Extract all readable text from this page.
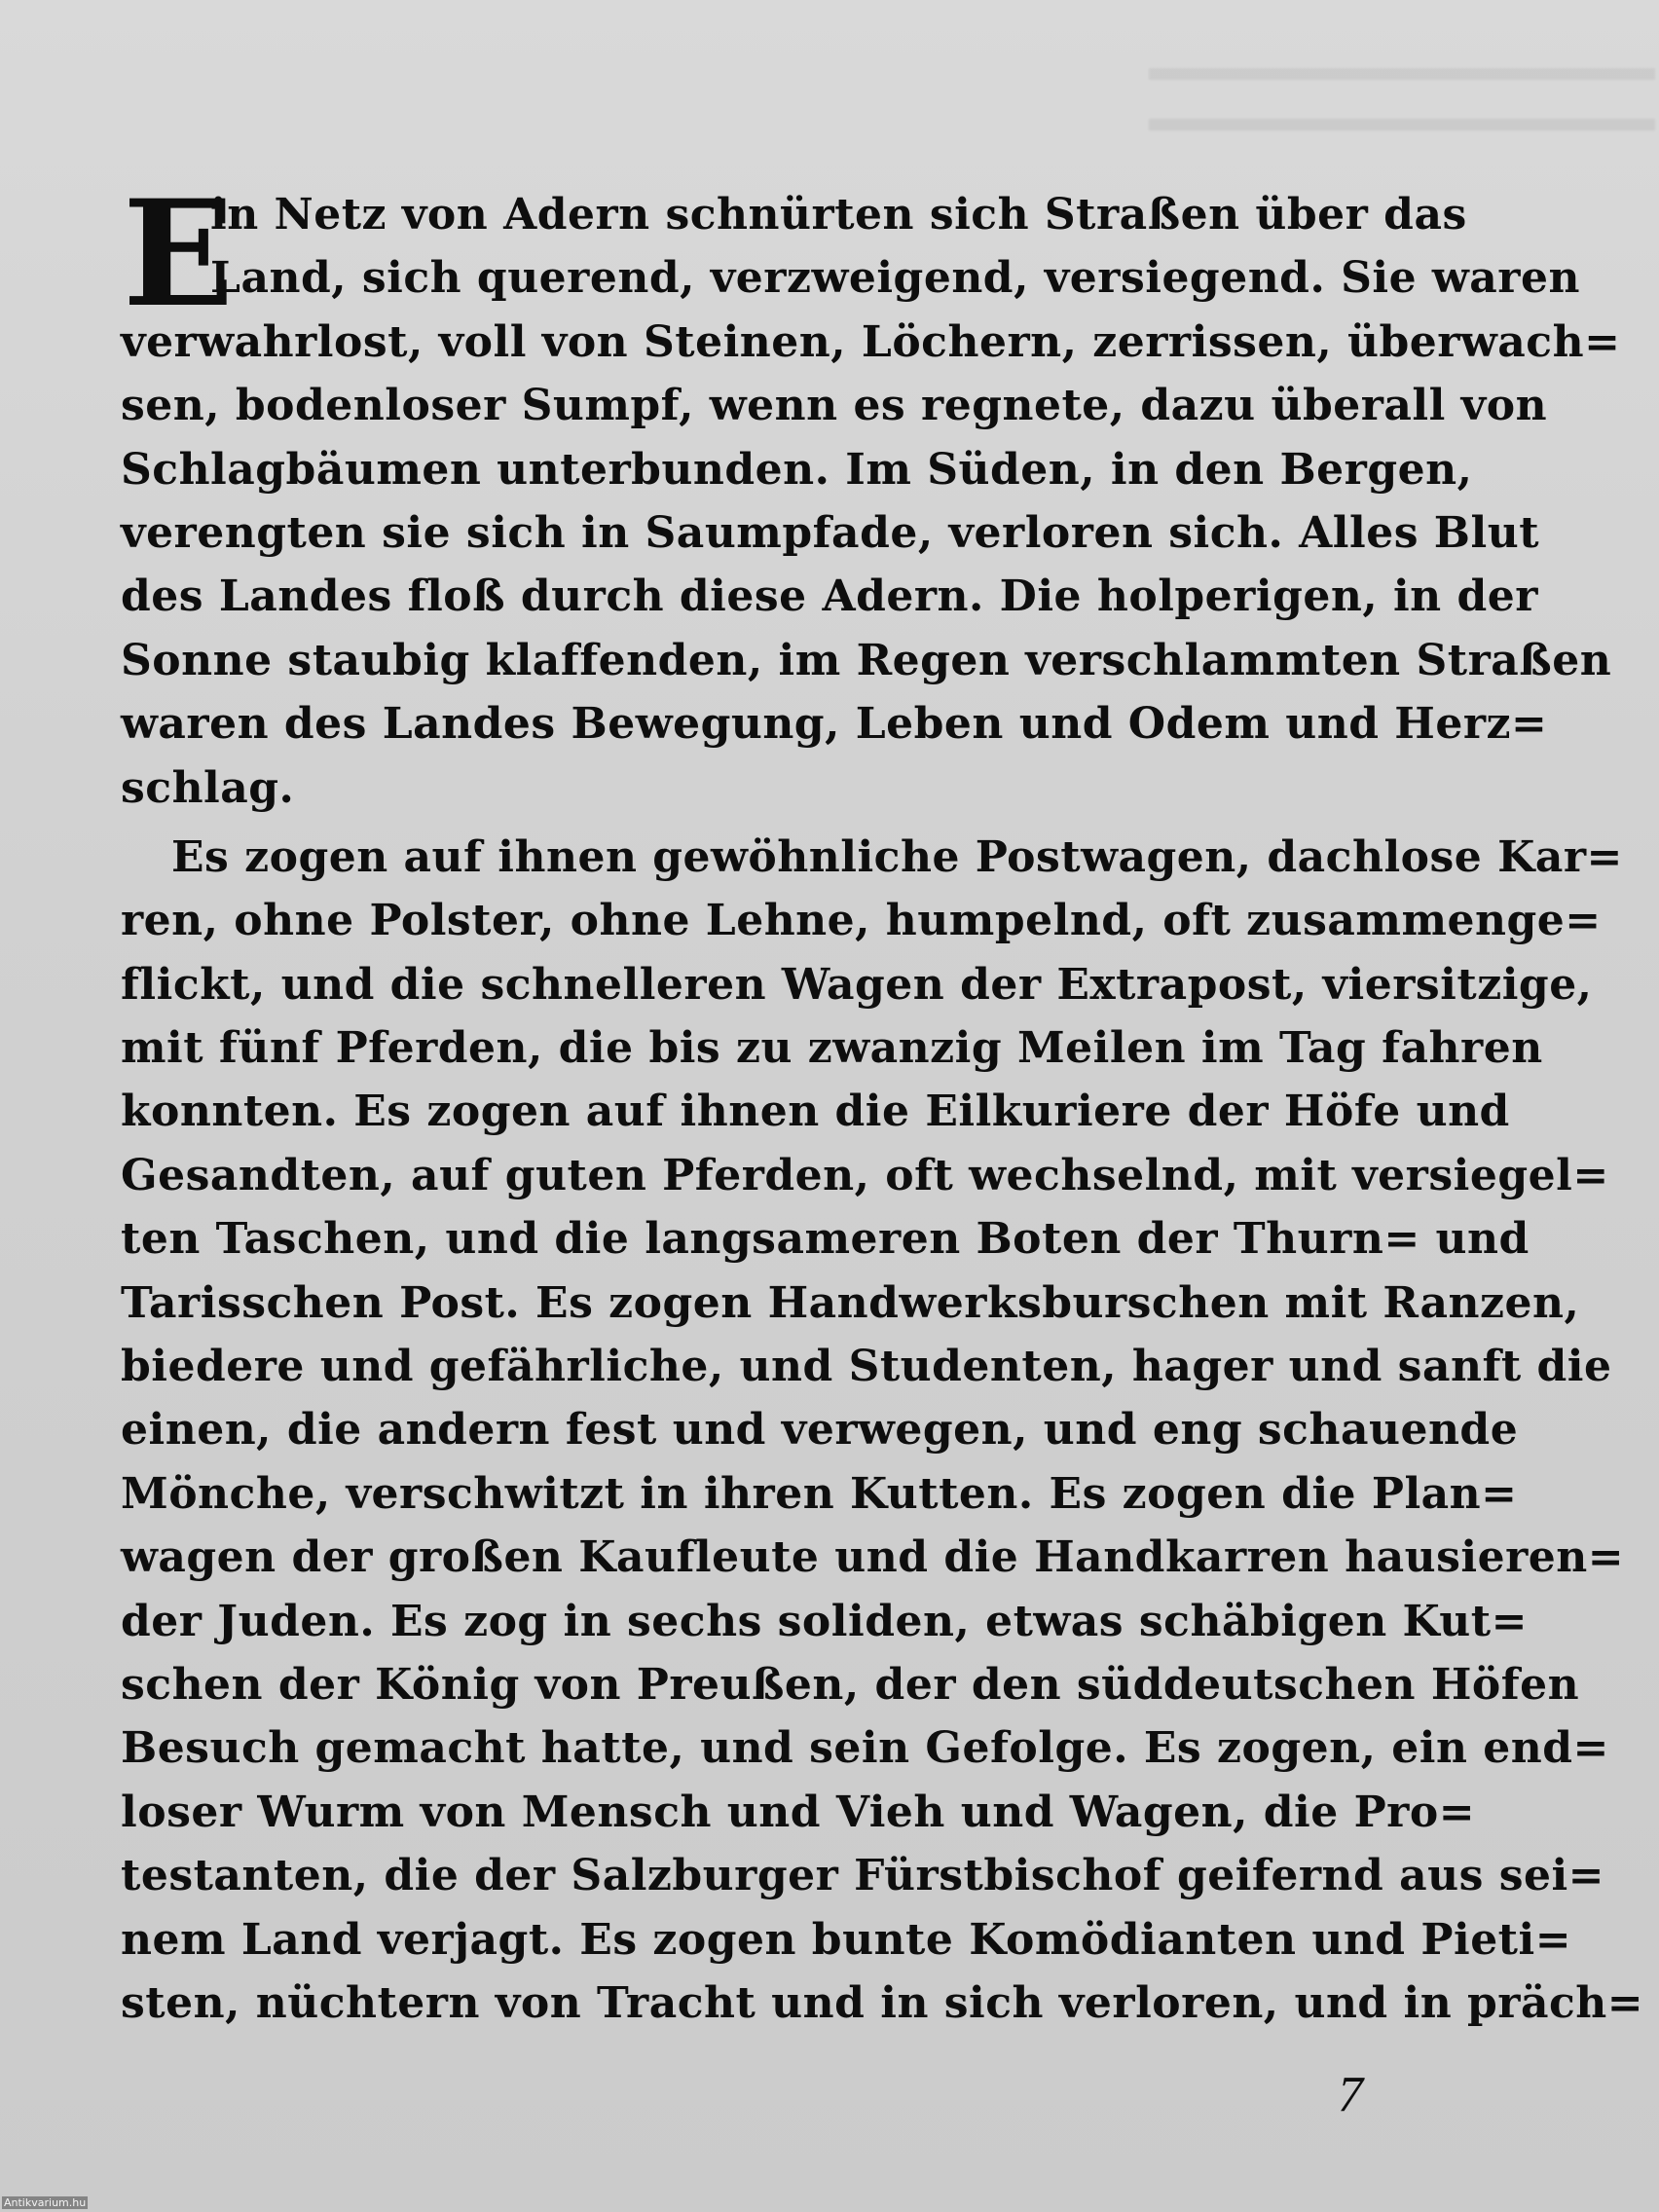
E
in Netz von Adern schnürten sich Straßen über das
Land, sich querend, verzweigend, versiegend. Sie waren
verwahrlost, voll von Steinen, Löchern, zerrissen, überwach=
sen, bodenloser Sumpf, wenn es regnete, dazu überall von
Schlagbäumen unterbunden. Im Süden, in den Bergen,
verengten sie sich in Saumpfade, verloren sich. Alles Blut
des Landes floß durch diese Adern. Die holperigen, in der
Sonne staubig klaffenden, im Regen verschlammten Straßen
waren des Landes Bewegung, Leben und Odem und Herz=
schlag.
Es zogen auf ihnen gewöhnliche Postwagen, dachlose Kar=
ren, ohne Polster, ohne Lehne, humpelnd, oft zusammenge=
flickt, und die schnelleren Wagen der Extrapost, viersitzige,
mit fünf Pferden, die bis zu zwanzig Meilen im Tag fahren
konnten. Es zogen auf ihnen die Eilkuriere der Höfe und
Gesandten, auf guten Pferden, oft wechselnd, mit versiegel=
ten Taschen, und die langsameren Boten der Thurn= und
Tarisschen Post. Es zogen Handwerksburschen mit Ranzen,
biedere und gefährliche, und Studenten, hager und sanft die
einen, die andern fest und verwegen, und eng schauende
Mönche, verschwitzt in ihren Kutten. Es zogen die Plan=
wagen der großen Kaufleute und die Handkarren hausieren=
der Juden. Es zog in sechs soliden, etwas schäbigen Kut=
schen der König von Preußen, der den süddeutschen Höfen
Besuch gemacht hatte, und sein Gefolge. Es zogen, ein end=
loser Wurm von Mensch und Vieh und Wagen, die Pro=
testanten, die der Salzburger Fürstbischof geifernd aus sei=
nem Land verjagt. Es zogen bunte Komödianten und Pieti=
sten, nüchtern von Tracht und in sich verloren, und in präch=
7
Antikvarium.hu
